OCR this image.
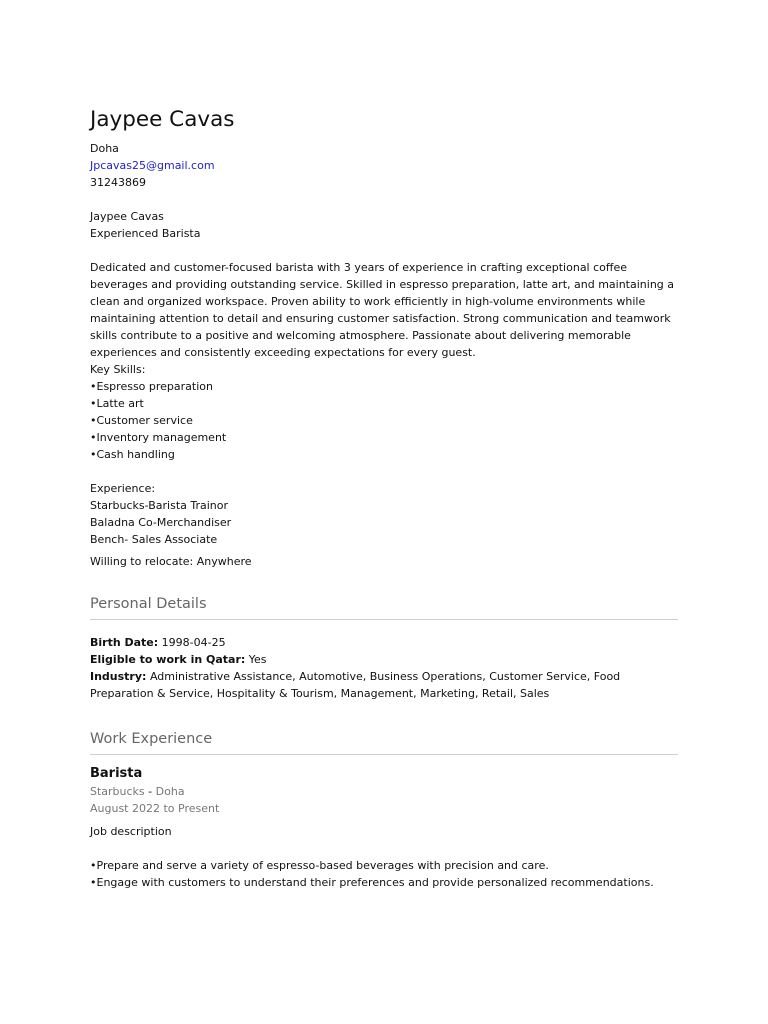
Jaypee Cavas
Doha
Jpcavas25@gmail.com
31243869
Jaypee Cavas
Experienced Barista
Dedicated and customer-focused barista with 3 years of experience in crafting exceptional coffee beverages and providing outstanding service. Skilled in espresso preparation, latte art, and maintaining a clean and organized workspace. Proven ability to work efficiently in high-volume environments while maintaining attention to detail and ensuring customer satisfaction. Strong communication and teamwork skills contribute to a positive and welcoming atmosphere. Passionate about delivering memorable experiences and consistently exceeding expectations for every guest.
Key Skills:
• Espresso preparation
• Latte art
• Customer service
• Inventory management
• Cash handling
Experience:
Starbucks-Barista Trainor
Baladna Co-Merchandiser
Bench- Sales Associate
Willing to relocate: Anywhere
Personal Details
Birth Date: 1998-04-25
Eligible to work in Qatar: Yes
Industry: Administrative Assistance, Automotive, Business Operations, Customer Service, Food Preparation & Service, Hospitality & Tourism, Management, Marketing, Retail, Sales
Work Experience
Barista
Starbucks - Doha
August 2022 to Present
Job description
• Prepare and serve a variety of espresso-based beverages with precision and care.
• Engage with customers to understand their preferences and provide personalized recommendations.
